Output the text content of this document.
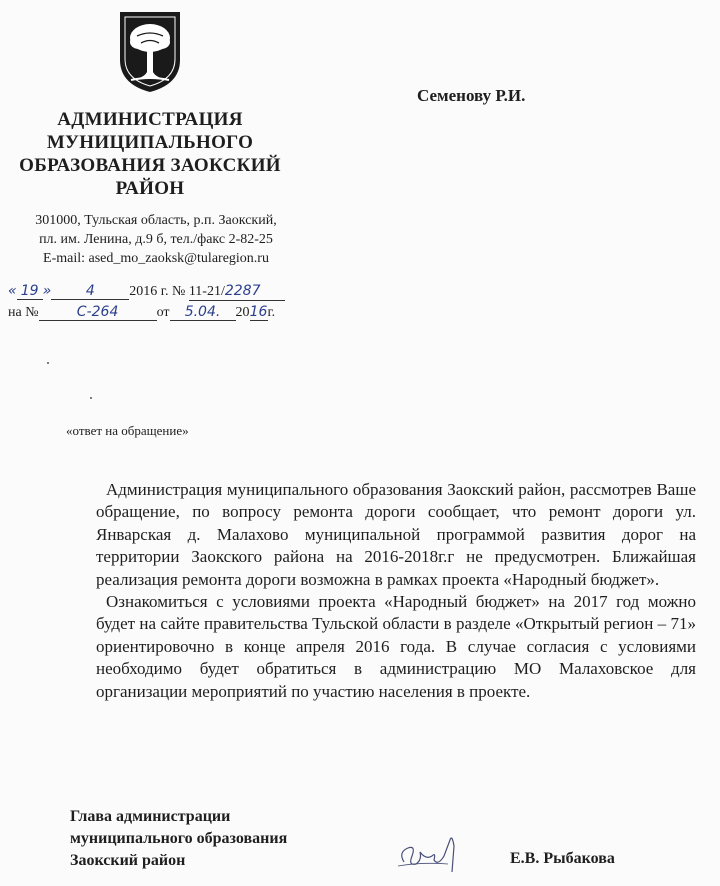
АДМИНИСТРАЦИЯ
МУНИЦИПАЛЬНОГО
ОБРАЗОВАНИЯ ЗАОКСКИЙ
РАЙОН
301000, Тульская область, р.п. Заокский,
пл. им. Ленина, д.9 б, тел./факс 2-82-25
E-mail: ased_mo_zaoksk@tularegion.ru
« 19 » 4 2016 г. № 11-21/2287
на №	С-264	от 5.04. 2016г.
Семенову Р.И.
«ответ на обращение»

Администрация муниципального образования Заокский район, рассмотрев Ваше обращение, по вопросу ремонта дороги сообщает, что ремонт дороги ул. Январская д. Малахово муниципальной программой развития дорог на территории Заокского района на 2016-2018г.г не предусмотрен. Ближайшая реализация ремонта дороги возможна в рамках проекта «Народный бюджет».

Ознакомиться с условиями проекта «Народный бюджет» на 2017 год можно будет на сайте правительства Тульской области в разделе «Открытый регион – 71» ориентировочно в конце апреля 2016 года. В случае согласия с условиями необходимо будет обратиться в администрацию МО Малаховское для организации мероприятий по участию населения в проекте.

Глава администрации
муниципального образования
Заокский район	Е.В. Рыбакова
